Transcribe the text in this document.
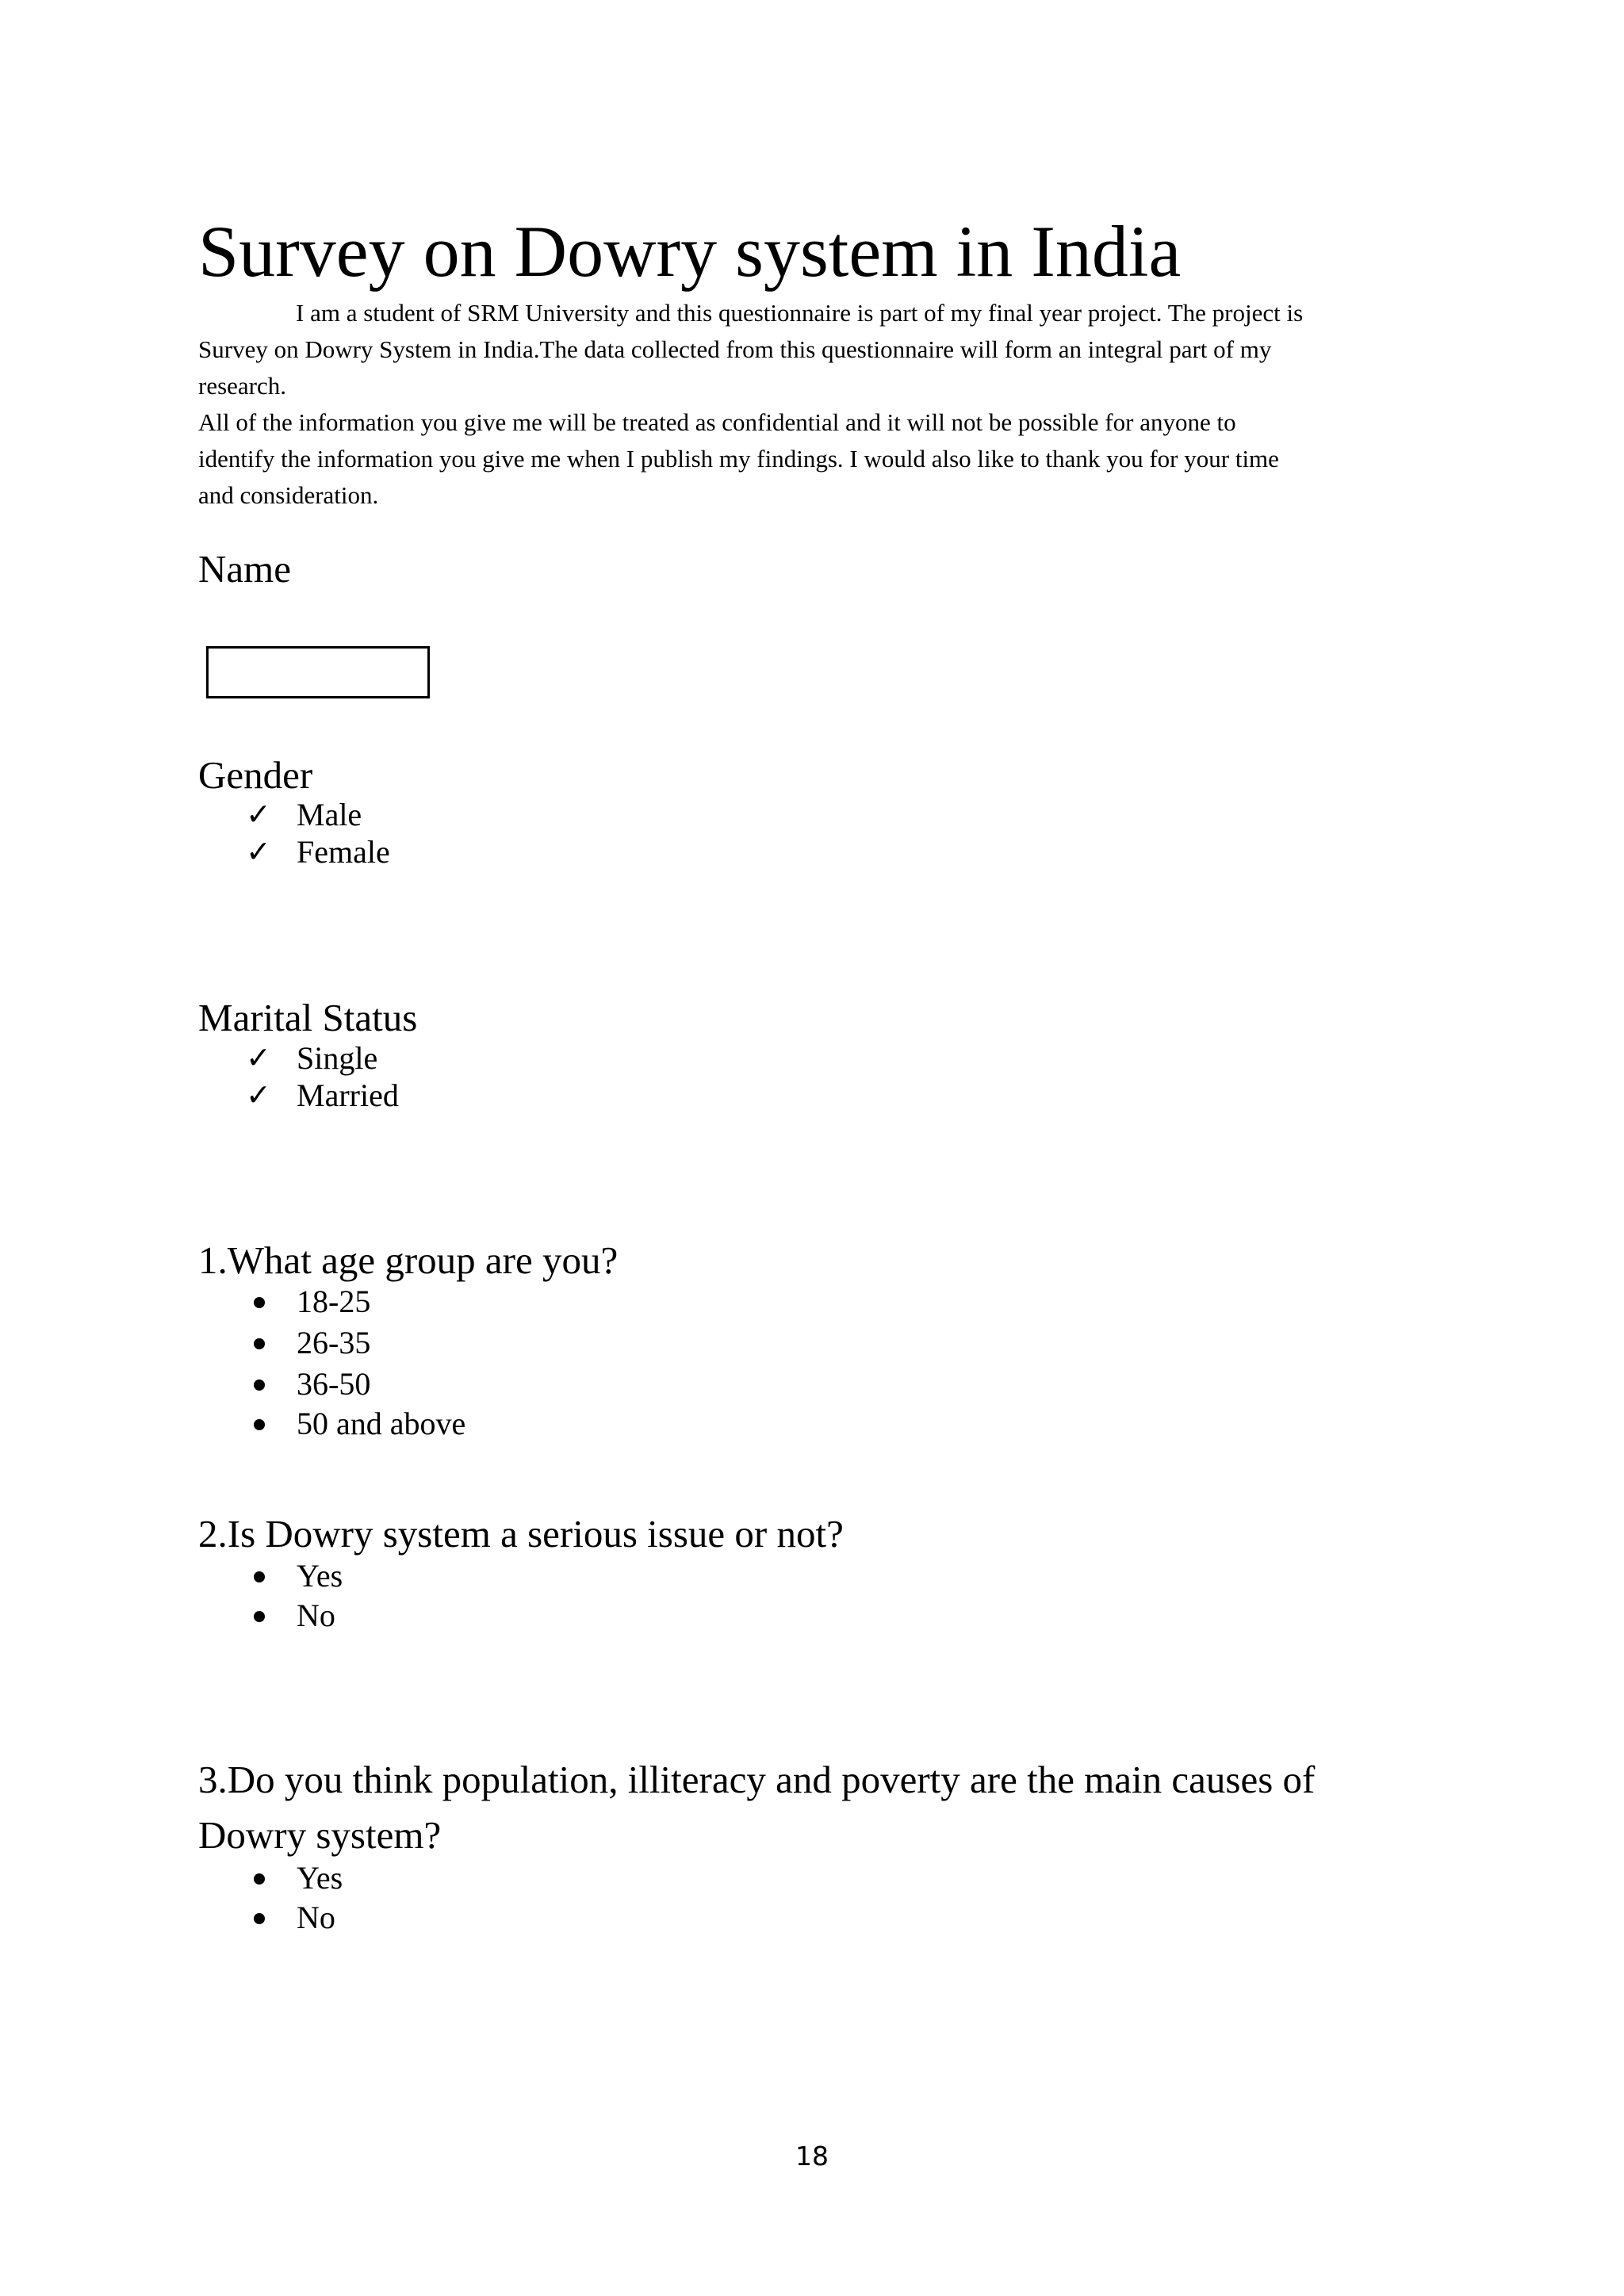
Survey on Dowry system in India
I am a student of SRM University and this questionnaire is part of my final year project. The project is
Survey on Dowry System in India.The data collected from this questionnaire will form an integral part of my
research.
All of the information you give me will be treated as confidential and it will not be possible for anyone to
identify the information you give me when I publish my findings. I would also like to thank you for your time
and consideration.
Name
Gender
✓ Male
✓ Female
Marital Status
✓ Single
✓ Married
1.What age group are you?
18-25
26-35
36-50
50 and above
2.Is Dowry system a serious issue or not?
Yes
No
3.Do you think population, illiteracy and poverty are the main causes of
Dowry system?
Yes
No
18
